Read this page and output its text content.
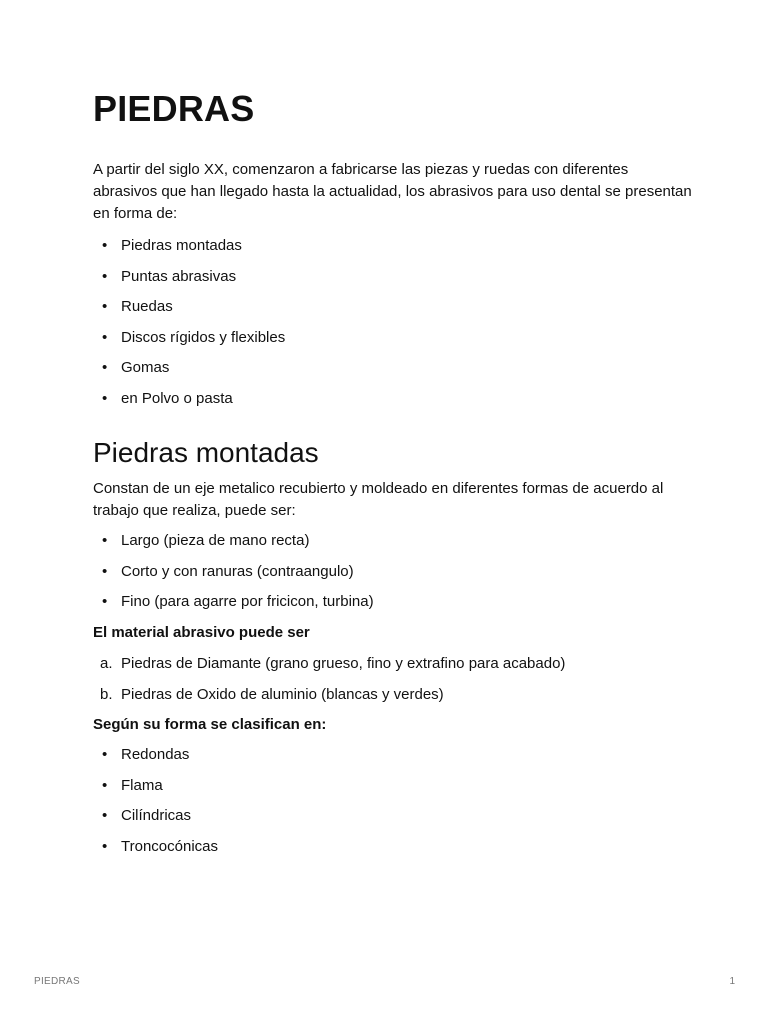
PIEDRAS

A partir del siglo XX, comenzaron a fabricarse las piezas y ruedas con diferentes abrasivos que han llegado hasta la actualidad, los abrasivos para uso dental se presentan en forma de:

• Piedras montadas
• Puntas abrasivas
• Ruedas
• Discos rígidos y flexibles
• Gomas
• en Polvo o pasta
Piedras montadas

Constan de un eje metalico recubierto y moldeado en diferentes formas de acuerdo al trabajo que realiza, puede ser:

• Largo (pieza de mano recta)
• Corto y con ranuras (contraangulo)
• Fino (para agarre por fricicon, turbina)

El material abrasivo puede ser

a. Piedras de Diamante (grano grueso, fino y extrafino para acabado)
b. Piedras de Oxido de aluminio (blancas y verdes)

Según su forma se clasifican en:

• Redondas
• Flama
• Cilíndricas
• Troncocónicas
PIEDRAS	1
